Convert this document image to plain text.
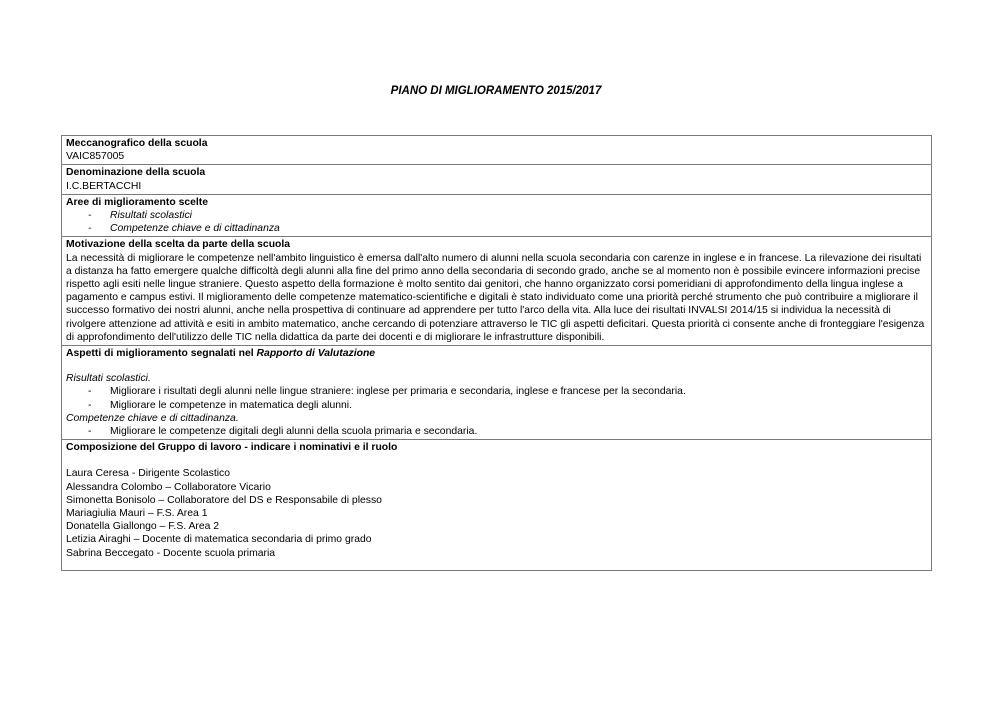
PIANO DI MIGLIORAMENTO 2015/2017
Meccanografico della scuola
VAIC857005

Denominazione della scuola
I.C.BERTACCHI

Aree di miglioramento scelte
- Risultati scolastici
- Competenze chiave e di cittadinanza

Motivazione della scelta da parte della scuola
La necessità di migliorare le competenze nell'ambito linguistico è emersa dall'alto numero di alunni nella scuola secondaria con carenze in inglese e in francese. La rilevazione dei risultati a distanza ha fatto emergere qualche difficoltà degli alunni alla fine del primo anno della secondaria di secondo grado, anche se al momento non è possibile evincere informazioni precise rispetto agli esiti nelle lingue straniere. Questo aspetto della formazione è molto sentito dai genitori, che hanno organizzato corsi pomeridiani di approfondimento della lingua inglese a pagamento e campus estivi. Il miglioramento delle competenze matematico-scientifiche e digitali è stato individuato come una priorità perché strumento che può contribuire a migliorare il successo formativo dei nostri alunni, anche nella prospettiva di continuare ad apprendere per tutto l'arco della vita. Alla luce dei risultati INVALSI 2014/15 si individua la necessità di rivolgere attenzione ad attività e esiti in ambito matematico, anche cercando di potenziare attraverso le TIC gli aspetti deficitari. Questa priorità ci consente anche di fronteggiare l'esigenza di approfondimento dell'utilizzo delle TIC nella didattica da parte dei docenti e di migliorare le infrastrutture disponibili.

Aspetti di miglioramento segnalati nel Rapporto di Valutazione
Risultati scolastici.
- Migliorare i risultati degli alunni nelle lingue straniere: inglese per primaria e secondaria, inglese e francese per la secondaria.
- Migliorare le competenze in matematica degli alunni.
Competenze chiave e di cittadinanza.
- Migliorare le competenze digitali degli alunni della scuola primaria e secondaria.

Composizione del Gruppo di lavoro - indicare i nominativi e il ruolo
Laura Ceresa - Dirigente Scolastico
Alessandra Colombo – Collaboratore Vicario
Simonetta Bonisolo – Collaboratore del DS e Responsabile di plesso
Mariagiulia Mauri – F.S. Area 1
Donatella Giallongo – F.S. Area 2
Letizia Airaghi – Docente di matematica secondaria di primo grado
Sabrina Beccegato - Docente scuola primaria
